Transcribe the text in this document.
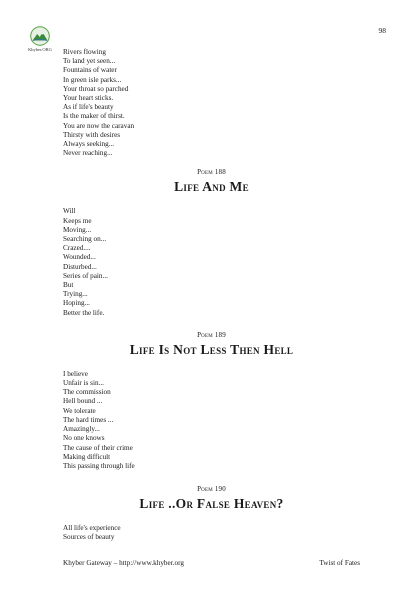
98
Khyber.ORG	Rivers flowing
To land yet seen...
Fountains of water
In green isle parks...
Your throat so parched
Your heart sticks.
As if life's beauty
Is the maker of thirst.
You are now the caravan
Thirsty with desires
Always seeking...
Never reaching...
Poem 188
Life And Me
Will
Keeps me
Moving...
Searching on...
Crazed....
Wounded...
Disturbed...
Series of pain...
But
Trying...
Hoping...
Better the life.
Poem 189
Life Is Not Less Then Hell
I believe
Unfair is sin...
The commission
Hell bound ...
We tolerate
The hard times ...
Amazingly...
No one knows
The cause of their crime
Making difficult
This passing through life
Poem 190
Life ..Or False Heaven?
All life's experience
Sources of beauty
Khyber Gateway – http://www.khyber.org	Twist of Fates
